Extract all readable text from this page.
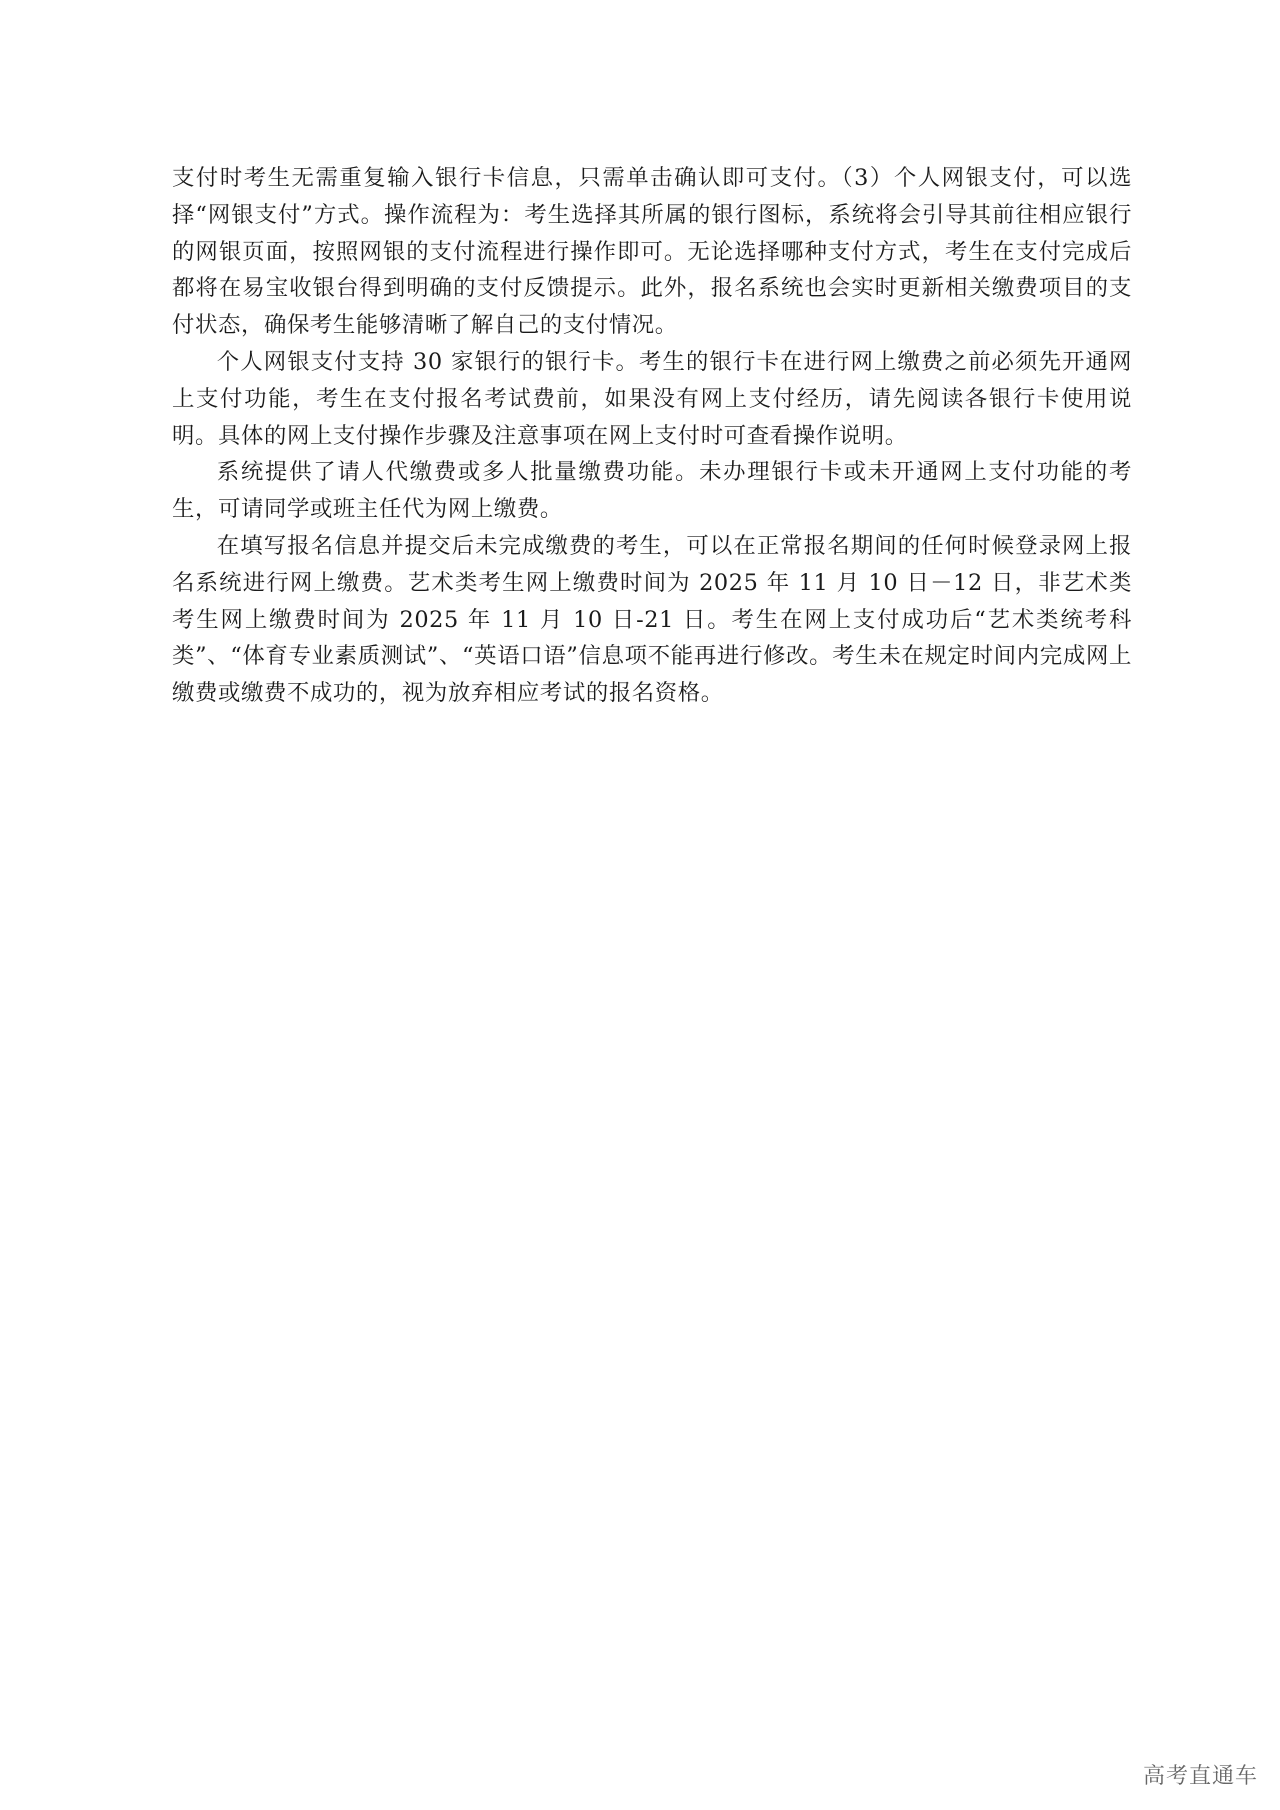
支付时考生无需重复输入银行卡信息，只需单击确认即可支付。（3）个人网银支付，可以选择“网银支付”方式。操作流程为：考生选择其所属的银行图标，系统将会引导其前往相应银行的网银页面，按照网银的支付流程进行操作即可。无论选择哪种支付方式，考生在支付完成后都将在易宝收银台得到明确的支付反馈提示。此外，报名系统也会实时更新相关缴费项目的支付状态，确保考生能够清晰了解自己的支付情况。

个人网银支付支持 30 家银行的银行卡。考生的银行卡在进行网上缴费之前必须先开通网上支付功能，考生在支付报名考试费前，如果没有网上支付经历，请先阅读各银行卡使用说明。具体的网上支付操作步骤及注意事项在网上支付时可查看操作说明。

系统提供了请人代缴费或多人批量缴费功能。未办理银行卡或未开通网上支付功能的考生，可请同学或班主任代为网上缴费。

在填写报名信息并提交后未完成缴费的考生，可以在正常报名期间的任何时候登录网上报名系统进行网上缴费。艺术类考生网上缴费时间为 2025 年 11 月 10 日－12 日，非艺术类考生网上缴费时间为 2025 年 11 月 10 日-21 日。考生在网上支付成功后“艺术类统考科类”、“体育专业素质测试”、“英语口语”信息项不能再进行修改。考生未在规定时间内完成网上缴费或缴费不成功的，视为放弃相应考试的报名资格。

高考直通车
